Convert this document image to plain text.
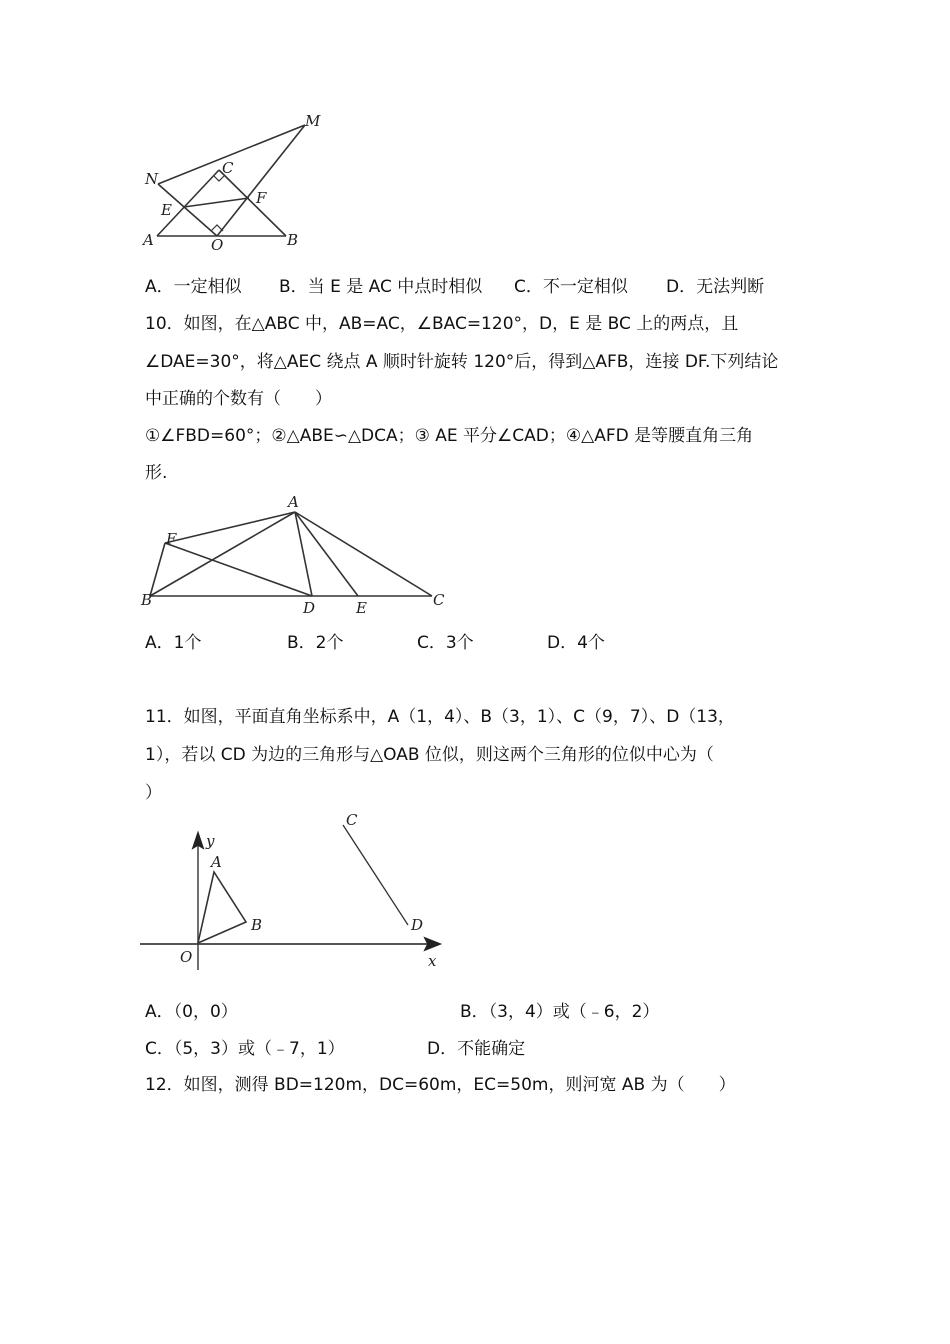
M
N
C
E
F
A	O	B
A
F
B	D	E	C
y
x
O
A
B
C
D
A．一定相似 B．当 E 是 AC 中点时相似 C．不一定相似 D．无法判断
10．如图，在△ABC 中，AB=AC，∠BAC=120°，D，E 是 BC 上的两点，且
∠DAE=30°，将△AEC 绕点 A 顺时针旋转 120°后，得到△AFB，连接 DF.下列结论
中正确的个数有（　　）
①∠FBD=60°；②△ABE∽△DCA；③ AE 平分∠CAD；④△AFD 是等腰直角三角
形.
A．1个	B．2个	C．3个	D．4个
11．如图，平面直角坐标系中，A（1，4）、B（3，1）、C（9，7）、D（13，
1），若以 CD 为边的三角形与△OAB 位似，则这两个三角形的位似中心为（
）
A．（0，0）	B．（3，4）或（﹣6，2）
C．（5，3）或（﹣7，1）	D．不能确定
12．如图，测得 BD=120m，DC=60m，EC=50m，则河宽 AB 为（　　）
